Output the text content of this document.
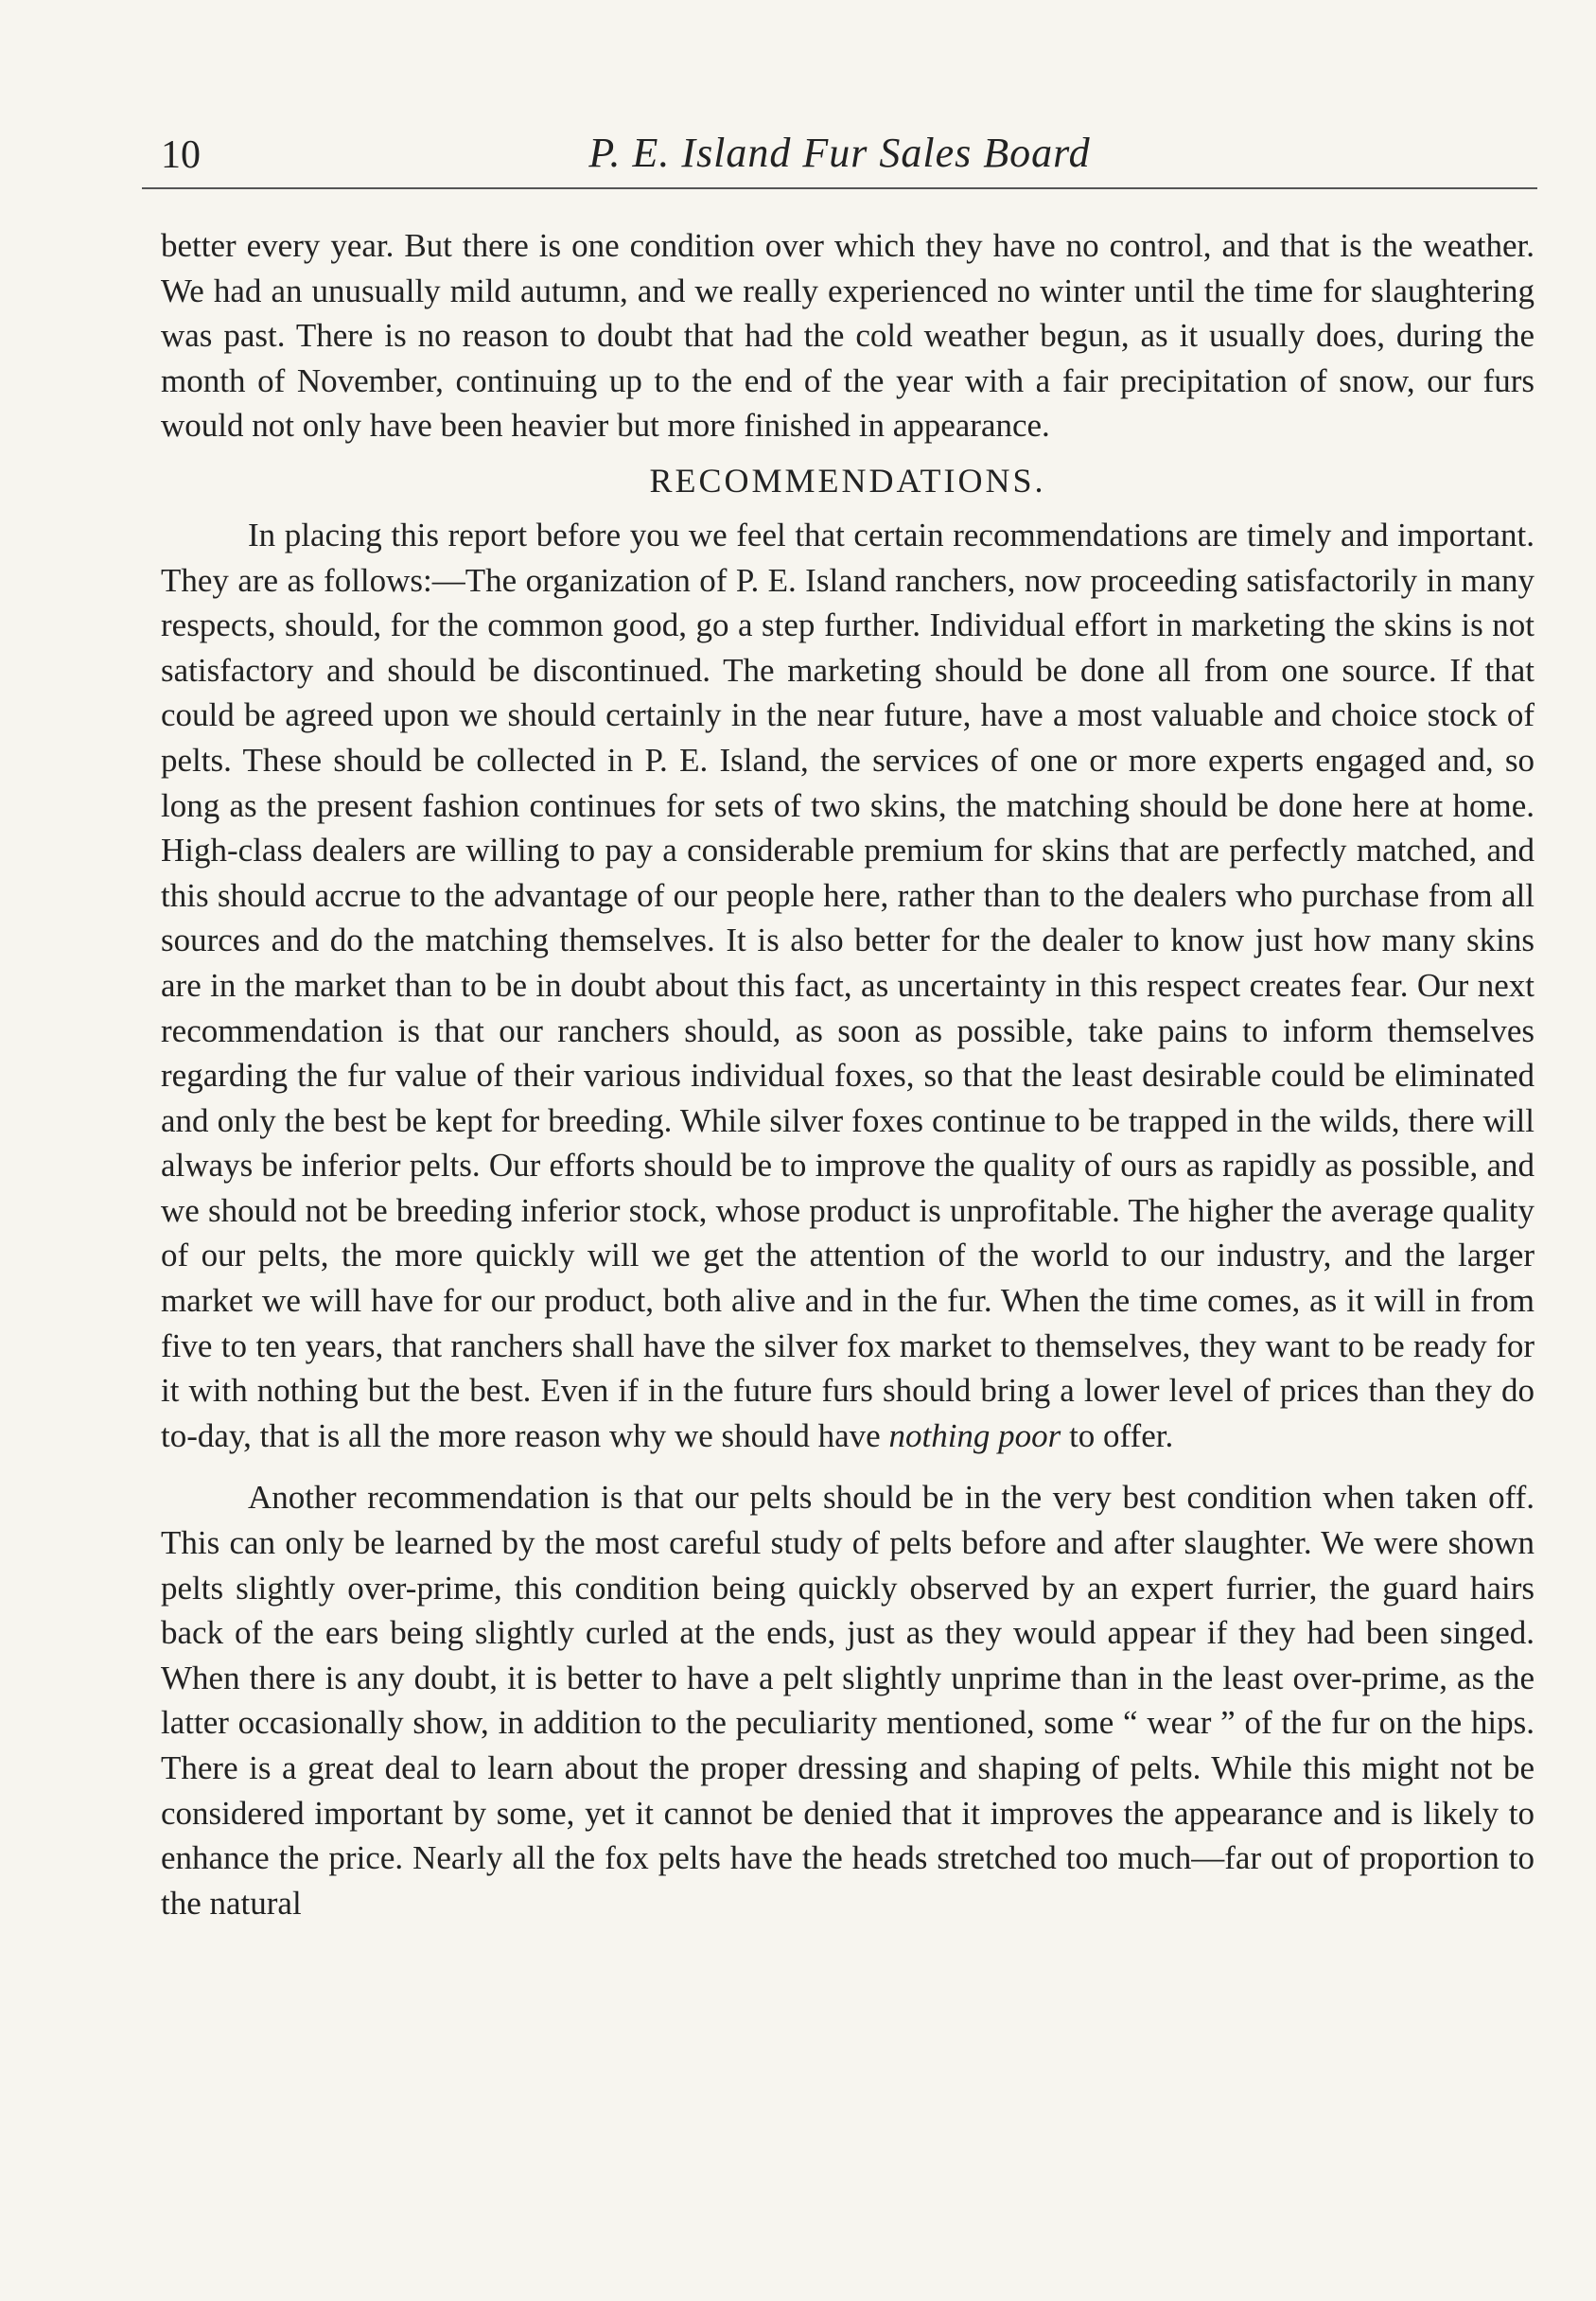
10	P. E. Island Fur Sales Board

better every year. But there is one condition over which they have no control, and that is the weather. We had an unusually mild autumn, and we really experienced no winter until the time for slaughtering was past. There is no reason to doubt that had the cold weather begun, as it usually does, during the month of November, continuing up to the end of the year with a fair precipitation of snow, our furs would not only have been heavier but more finished in appearance.

RECOMMENDATIONS.

In placing this report before you we feel that certain recommendations are timely and important. They are as follows:—The organization of P. E. Island ranchers, now proceeding satisfactorily in many respects, should, for the common good, go a step further. Individual effort in marketing the skins is not satisfactory and should be discontinued. The marketing should be done all from one source. If that could be agreed upon we should certainly in the near future, have a most valuable and choice stock of pelts. These should be collected in P. E. Island, the services of one or more experts engaged and, so long as the present fashion continues for sets of two skins, the matching should be done here at home. High-class dealers are willing to pay a considerable premium for skins that are perfectly matched, and this should accrue to the advantage of our people here, rather than to the dealers who purchase from all sources and do the matching themselves. It is also better for the dealer to know just how many skins are in the market than to be in doubt about this fact, as uncertainty in this respect creates fear. Our next recommendation is that our ranchers should, as soon as possible, take pains to inform themselves regarding the fur value of their various individual foxes, so that the least desirable could be eliminated and only the best be kept for breeding. While silver foxes continue to be trapped in the wilds, there will always be inferior pelts. Our efforts should be to improve the quality of ours as rapidly as possible, and we should not be breeding inferior stock, whose product is unprofitable. The higher the average quality of our pelts, the more quickly will we get the attention of the world to our industry, and the larger market we will have for our product, both alive and in the fur. When the time comes, as it will in from five to ten years, that ranchers shall have the silver fox market to themselves, they want to be ready for it with nothing but the best. Even if in the future furs should bring a lower level of prices than they do to-day, that is all the more reason why we should have nothing poor to offer.

Another recommendation is that our pelts should be in the very best condition when taken off. This can only be learned by the most careful study of pelts before and after slaughter. We were shown pelts slightly over-prime, this condition being quickly observed by an expert furrier, the guard hairs back of the ears being slightly curled at the ends, just as they would appear if they had been singed. When there is any doubt, it is better to have a pelt slightly unprime than in the least over-prime, as the latter occasionally show, in addition to the peculiarity mentioned, some “ wear ” of the fur on the hips. There is a great deal to learn about the proper dressing and shaping of pelts. While this might not be considered important by some, yet it cannot be denied that it improves the appearance and is likely to enhance the price. Nearly all the fox pelts have the heads stretched too much—far out of proportion to the natural
